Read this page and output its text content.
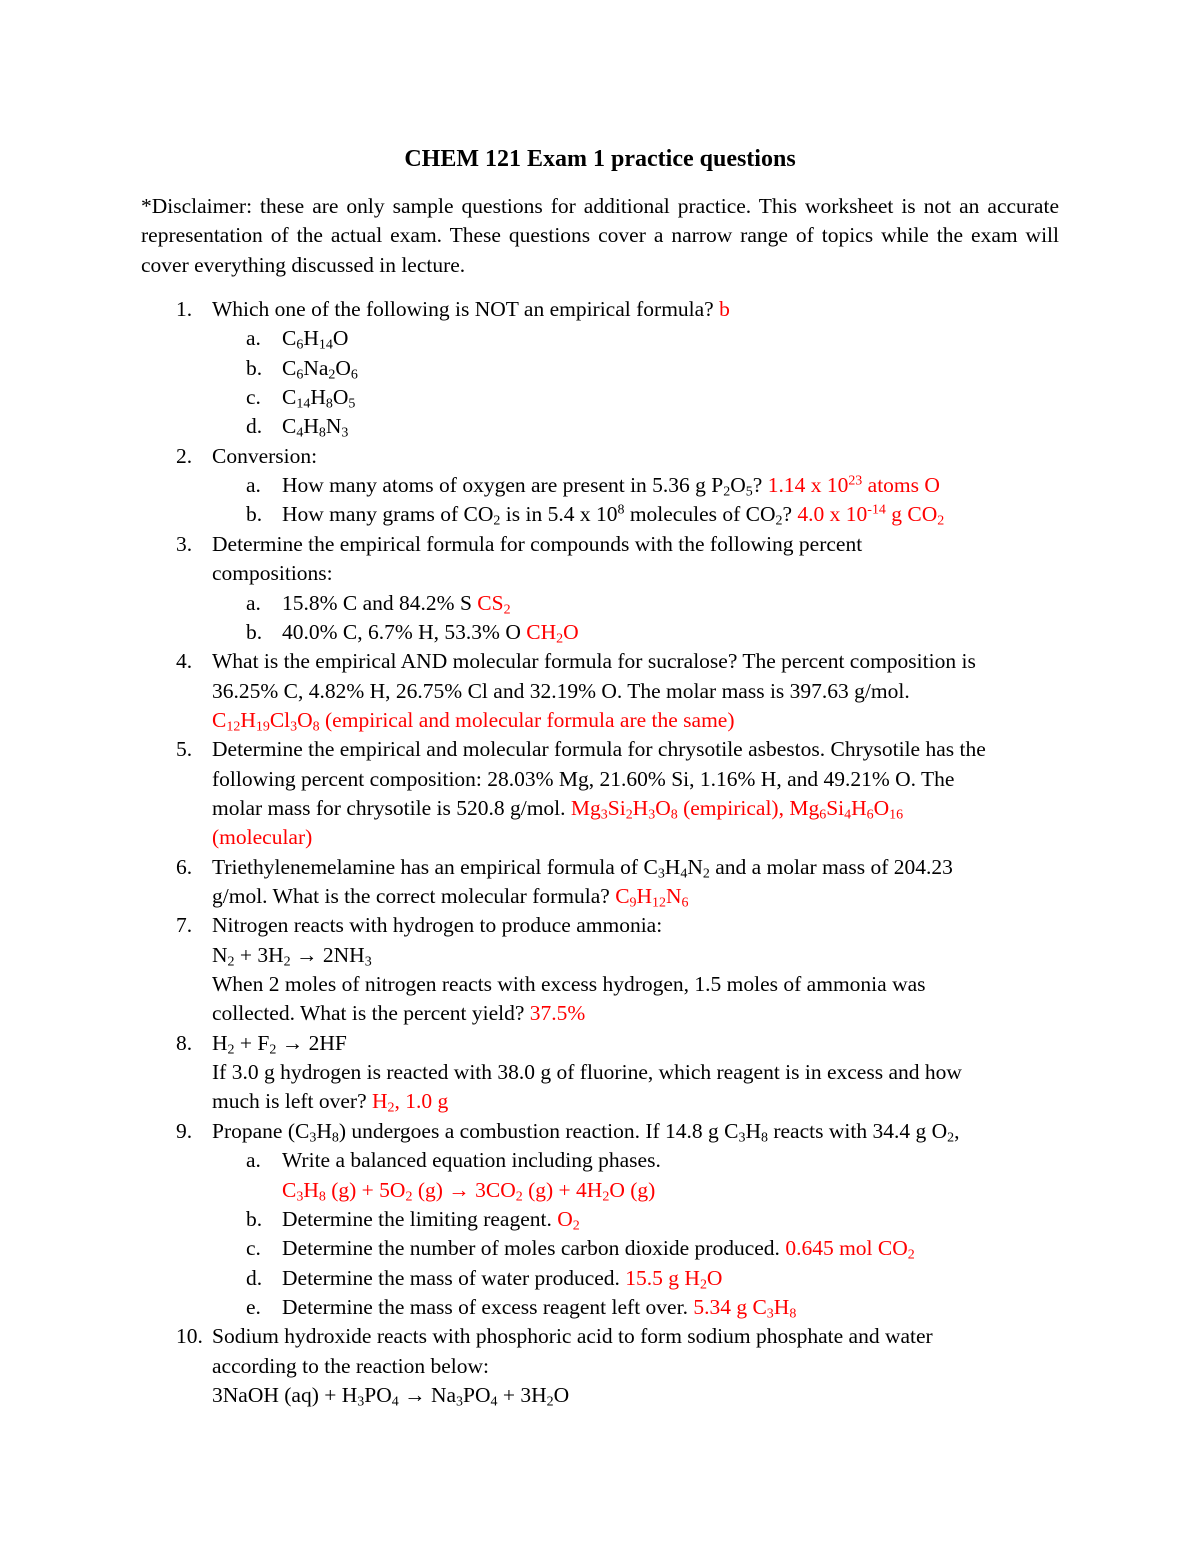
CHEM 121 Exam 1 practice questions
*Disclaimer: these are only sample questions for additional practice. This worksheet is not an accurate representation of the actual exam. These questions cover a narrow range of topics while the exam will cover everything discussed in lecture.
1. Which one of the following is NOT an empirical formula? b
a. $C_6H_{14}O$
b. $C_6Na_2O_6$
c. $C_{14}H_8O_5$
d. $C_4H_8N_3$
2. Conversion:
a. How many atoms of oxygen are present in 5.36 g $P_2O_5$? 1.14 x $10^{23}$ atoms O
b. How many grams of $CO_2$ is in 5.4 x $10^8$ molecules of $CO_2$? 4.0 x $10^{-14}$ g $CO_2$
3. Determine the empirical formula for compounds with the following percent
compositions:
a. 15.8% C and 84.2% S $CS_2$
b. 40.0% C, 6.7% H, 53.3% O $CH_2O$
4. What is the empirical AND molecular formula for sucralose? The percent composition is
36.25% C, 4.82% H, 26.75% Cl and 32.19% O. The molar mass is 397.63 g/mol.
$C_{12}H_{19}Cl_3O_8$ (empirical and molecular formula are the same)
5. Determine the empirical and molecular formula for chrysotile asbestos. Chrysotile has the
following percent composition: 28.03% Mg, 21.60% Si, 1.16% H, and 49.21% O. The
molar mass for chrysotile is 520.8 g/mol. $Mg_3Si_2H_3O_8$ (empirical), $Mg_6Si_4H_6O_{16}$
(molecular)
6. Triethylenemelamine has an empirical formula of $C_3H_4N_2$ and a molar mass of 204.23
g/mol. What is the correct molecular formula? $C_9H_{12}N_6$
7. Nitrogen reacts with hydrogen to produce ammonia:
$N_2 + 3H_2 \to 2NH_3$
When 2 moles of nitrogen reacts with excess hydrogen, 1.5 moles of ammonia was
collected. What is the percent yield? 37.5%
8. $H_2 + F_2 \to 2HF$
If 3.0 g hydrogen is reacted with 38.0 g of fluorine, which reagent is in excess and how
much is left over? $H_2$, 1.0 g
9. Propane $(C_3H_8)$ undergoes a combustion reaction. If 14.8 g $C_3H_8$ reacts with 34.4 g $O_2$,
a. Write a balanced equation including phases.
$C_3H_8$ $(g) + 5O_2$ $(g) \to 3CO_2$ $(g) + 4H_2O$ (g)
b. Determine the limiting reagent. $O_2$
c. Determine the number of moles carbon dioxide produced. 0.645 mol $CO_2$
d. Determine the mass of water produced. 15.5 g $H_2O$
e. Determine the mass of excess reagent left over. 5.34 g $C_3H_8$
10. Sodium hydroxide reacts with phosphoric acid to form sodium phosphate and water
according to the reaction below:
3NaOH $(aq) + H_3PO_4 \to Na_3PO_4 + 3H_2O$
